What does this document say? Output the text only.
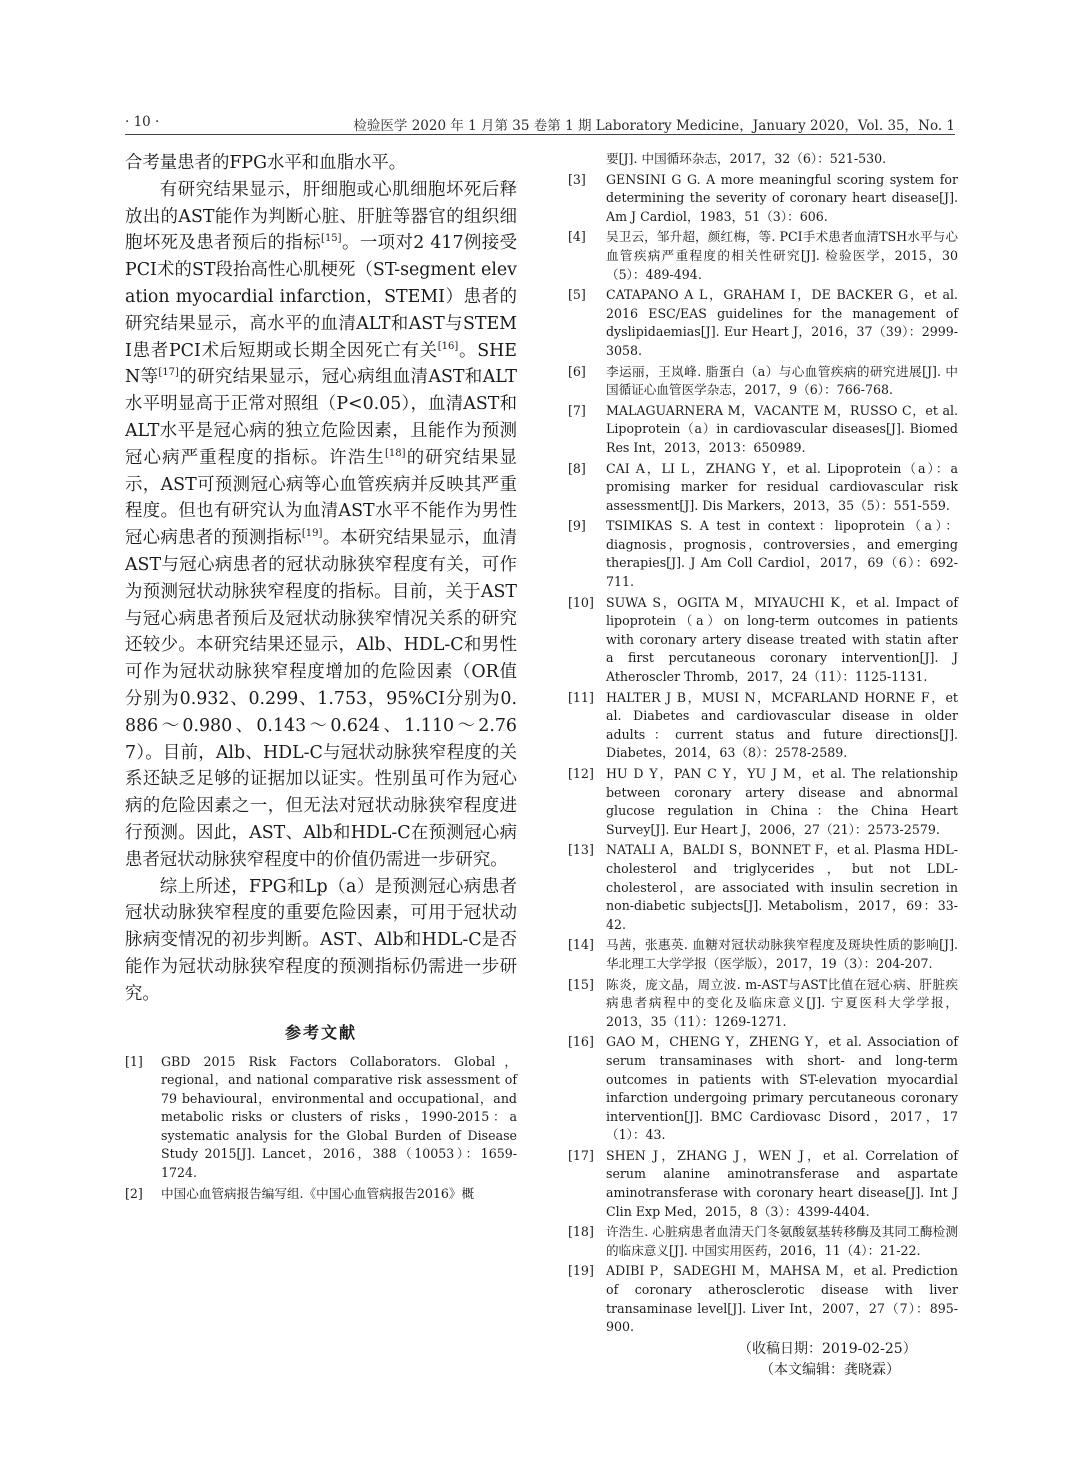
· 10 ·	检验医学 2020 年 1 月第 35 卷第 1 期 Laboratory Medicine，January 2020，Vol. 35，No. 1

合考量患者的FPG水平和血脂水平。

有研究结果显示，肝细胞或心肌细胞坏死后释放出的AST能作为判断心脏、肝脏等器官的组织细胞坏死及患者预后的指标[15]。一项对2 417例接受PCI术的ST段抬高性心肌梗死（ST-segment elevation myocardial infarction，STEMI）患者的研究结果显示，高水平的血清ALT和AST与STEMI患者PCI术后短期或长期全因死亡有关[16]。SHEN等[17]的研究结果显示，冠心病组血清AST和ALT水平明显高于正常对照组（P<0.05），血清AST和ALT水平是冠心病的独立危险因素，且能作为预测冠心病严重程度的指标。许浩生[18]的研究结果显示，AST可预测冠心病等心血管疾病并反映其严重程度。但也有研究认为血清AST水平不能作为男性冠心病患者的预测指标[19]。本研究结果显示，血清AST与冠心病患者的冠状动脉狭窄程度有关，可作为预测冠状动脉狭窄程度的指标。目前，关于AST与冠心病患者预后及冠状动脉狭窄情况关系的研究还较少。本研究结果还显示，Alb、HDL-C和男性可作为冠状动脉狭窄程度增加的危险因素（OR值分别为0.932、0.299、1.753，95%CI分别为0.886～0.980、0.143～0.624、1.110～2.767）。目前，Alb、HDL-C与冠状动脉狭窄程度的关系还缺乏足够的证据加以证实。性别虽可作为冠心病的危险因素之一，但无法对冠状动脉狭窄程度进行预测。因此，AST、Alb和HDL-C在预测冠心病患者冠状动脉狭窄程度中的价值仍需进一步研究。

综上所述，FPG和Lp（a）是预测冠心病患者冠状动脉狭窄程度的重要危险因素，可用于冠状动脉病变情况的初步判断。AST、Alb和HDL-C是否能作为冠状动脉狭窄程度的预测指标仍需进一步研究。

参考文献
[1]	GBD 2015 Risk Factors Collaborators. Global，regional，and national comparative risk assessment of 79 behavioural，environmental and occupational，and metabolic risks or clusters of risks，1990-2015：a systematic analysis for the Global Burden of Disease Study 2015[J]. Lancet，2016，388（10053）：1659-1724.
[2]	中国心血管病报告编写组.《中国心血管病报告2016》概
要[J]. 中国循环杂志，2017，32（6）：521-530.
[3]	GENSINI G G. A more meaningful scoring system for determining the severity of coronary heart disease[J]. Am J Cardiol，1983，51（3）：606.
[4]	吴卫云，邹升超，颜红梅，等. PCI手术患者血清TSH水平与心血管疾病严重程度的相关性研究[J]. 检验医学，2015，30（5）：489-494.
[5]	CATAPANO A L，GRAHAM I，DE BACKER G，et al. 2016 ESC/EAS guidelines for the management of dyslipidaemias[J]. Eur Heart J，2016，37（39）：2999-3058.
[6]	李运丽，王岚峰. 脂蛋白（a）与心血管疾病的研究进展[J]. 中国循证心血管医学杂志，2017，9（6）：766-768.
[7]	MALAGUARNERA M，VACANTE M，RUSSO C，et al. Lipoprotein（a）in cardiovascular diseases[J]. Biomed Res Int，2013，2013：650989.
[8]	CAI A，LI L，ZHANG Y，et al. Lipoprotein（a）：a promising marker for residual cardiovascular risk assessment[J]. Dis Markers，2013，35（5）：551-559.
[9]	TSIMIKAS S. A test in context：lipoprotein（a）：diagnosis，prognosis，controversies，and emerging therapies[J]. J Am Coll Cardiol，2017，69（6）：692-711.
[10] SUWA S，OGITA M，MIYAUCHI K，et al. Impact of lipoprotein（a）on long-term outcomes in patients with coronary artery disease treated with statin after a first percutaneous coronary intervention[J]. J Atheroscler Thromb，2017，24（11）：1125-1131.
[11] HALTER J B，MUSI N，MCFARLAND HORNE F，et al. Diabetes and cardiovascular disease in older adults：current status and future directions[J]. Diabetes，2014，63（8）：2578-2589.
[12] HU D Y，PAN C Y，YU J M，et al. The relationship between coronary artery disease and abnormal glucose regulation in China：the China Heart Survey[J]. Eur Heart J，2006，27（21）：2573-2579.
[13] NATALI A，BALDI S，BONNET F，et al. Plasma HDL-cholesterol and triglycerides，but not LDL-cholesterol，are associated with insulin secretion in non-diabetic subjects[J]. Metabolism，2017，69：33-42.
[14] 马茜，张惠英. 血糖对冠状动脉狭窄程度及斑块性质的影响[J]. 华北理工大学学报（医学版），2017，19（3）：204-207.
[15] 陈炎，庞文晶，周立波. m-AST与AST比值在冠心病、肝脏疾病患者病程中的变化及临床意义[J]. 宁夏医科大学学报，2013，35（11）：1269-1271.
[16] GAO M，CHENG Y，ZHENG Y，et al. Association of serum transaminases with short- and long-term outcomes in patients with ST-elevation myocardial infarction undergoing primary percutaneous coronary intervention[J]. BMC Cardiovasc Disord，2017，17（1）：43.
[17] SHEN J，ZHANG J，WEN J，et al. Correlation of serum alanine aminotransferase and aspartate aminotransferase with coronary heart disease[J]. Int J Clin Exp Med，2015，8（3）：4399-4404.
[18] 许浩生. 心脏病患者血清天门冬氨酸氨基转移酶及其同工酶检测的临床意义[J]. 中国实用医药，2016，11（4）：21-22.
[19] ADIBI P，SADEGHI M，MAHSA M，et al. Prediction of coronary atherosclerotic disease with liver transaminase level[J]. Liver Int，2007，27（7）：895-900.
（收稿日期：2019-02-25）
（本文编辑：龚晓霖）
